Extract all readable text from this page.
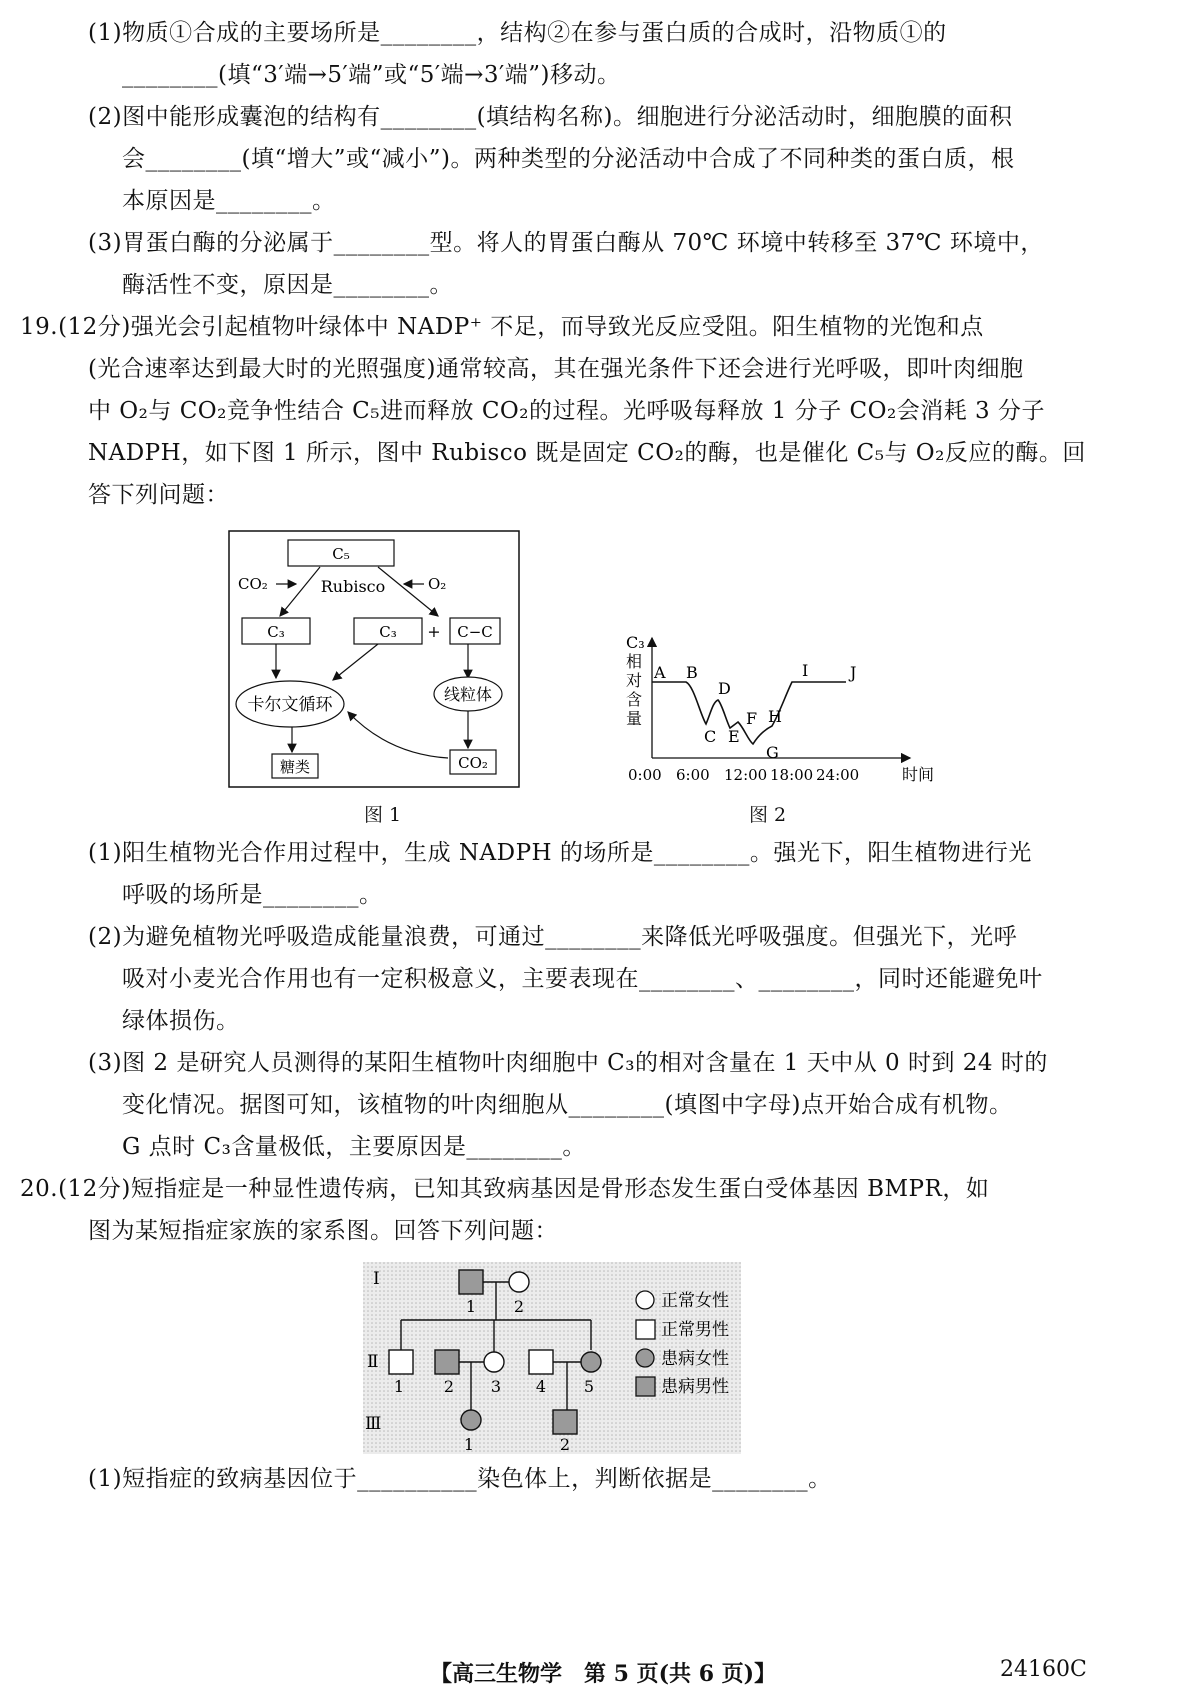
(1)物质①合成的主要场所是________，结构②在参与蛋白质的合成时，沿物质①的
________(填“3′端→5′端”或“5′端→3′端”)移动。
(2)图中能形成囊泡的结构有________(填结构名称)。细胞进行分泌活动时，细胞膜的面积
会________(填“增大”或“减小”)。两种类型的分泌活动中合成了不同种类的蛋白质，根
本原因是________。
(3)胃蛋白酶的分泌属于________型。将人的胃蛋白酶从 70℃ 环境中转移至 37℃ 环境中，
酶活性不变，原因是________。
19.(12分)强光会引起植物叶绿体中 NADP⁺ 不足，而导致光反应受阻。阳生植物的光饱和点
(光合速率达到最大时的光照强度)通常较高，其在强光条件下还会进行光呼吸，即叶肉细胞
中 O₂与 CO₂竞争性结合 C₅进而释放 CO₂的过程。光呼吸每释放 1 分子 CO₂会消耗 3 分子
NADPH，如下图 1 所示，图中 Rubisco 既是固定 CO₂的酶，也是催化 C₅与 O₂反应的酶。回
答下列问题：
C₅
Rubisco
CO₂	O₂
C₃	C₃ + C−C
卡尔文循环
线粒体
糖类	CO₂
图 1
C₃
相
对
含
量
A B
C
D
E
F
G
H
I	J
0:00 6:00 12:00 18:00 24:00	时间
图 2
(1)阳生植物光合作用过程中，生成 NADPH 的场所是________。强光下，阳生植物进行光
呼吸的场所是________。
(2)为避免植物光呼吸造成能量浪费，可通过________来降低光呼吸强度。但强光下，光呼
吸对小麦光合作用也有一定积极意义，主要表现在________、________，同时还能避免叶
绿体损伤。
(3)图 2 是研究人员测得的某阳生植物叶肉细胞中 C₃的相对含量在 1 天中从 0 时到 24 时的
变化情况。据图可知，该植物的叶肉细胞从________(填图中字母)点开始合成有机物。
G 点时 C₃含量极低，主要原因是________。
20.(12分)短指症是一种显性遗传病，已知其致病基因是骨形态发生蛋白受体基因 BMPR，如
图为某短指症家族的家系图。回答下列问题：
I
Ⅱ
Ⅲ
1 2
1 2 3 4 5
1	2
正常女性
正常男性
患病女性
患病男性
(1)短指症的致病基因位于__________染色体上，判断依据是________。
【高三生物学　第 5 页(共 6 页)】	24160C
